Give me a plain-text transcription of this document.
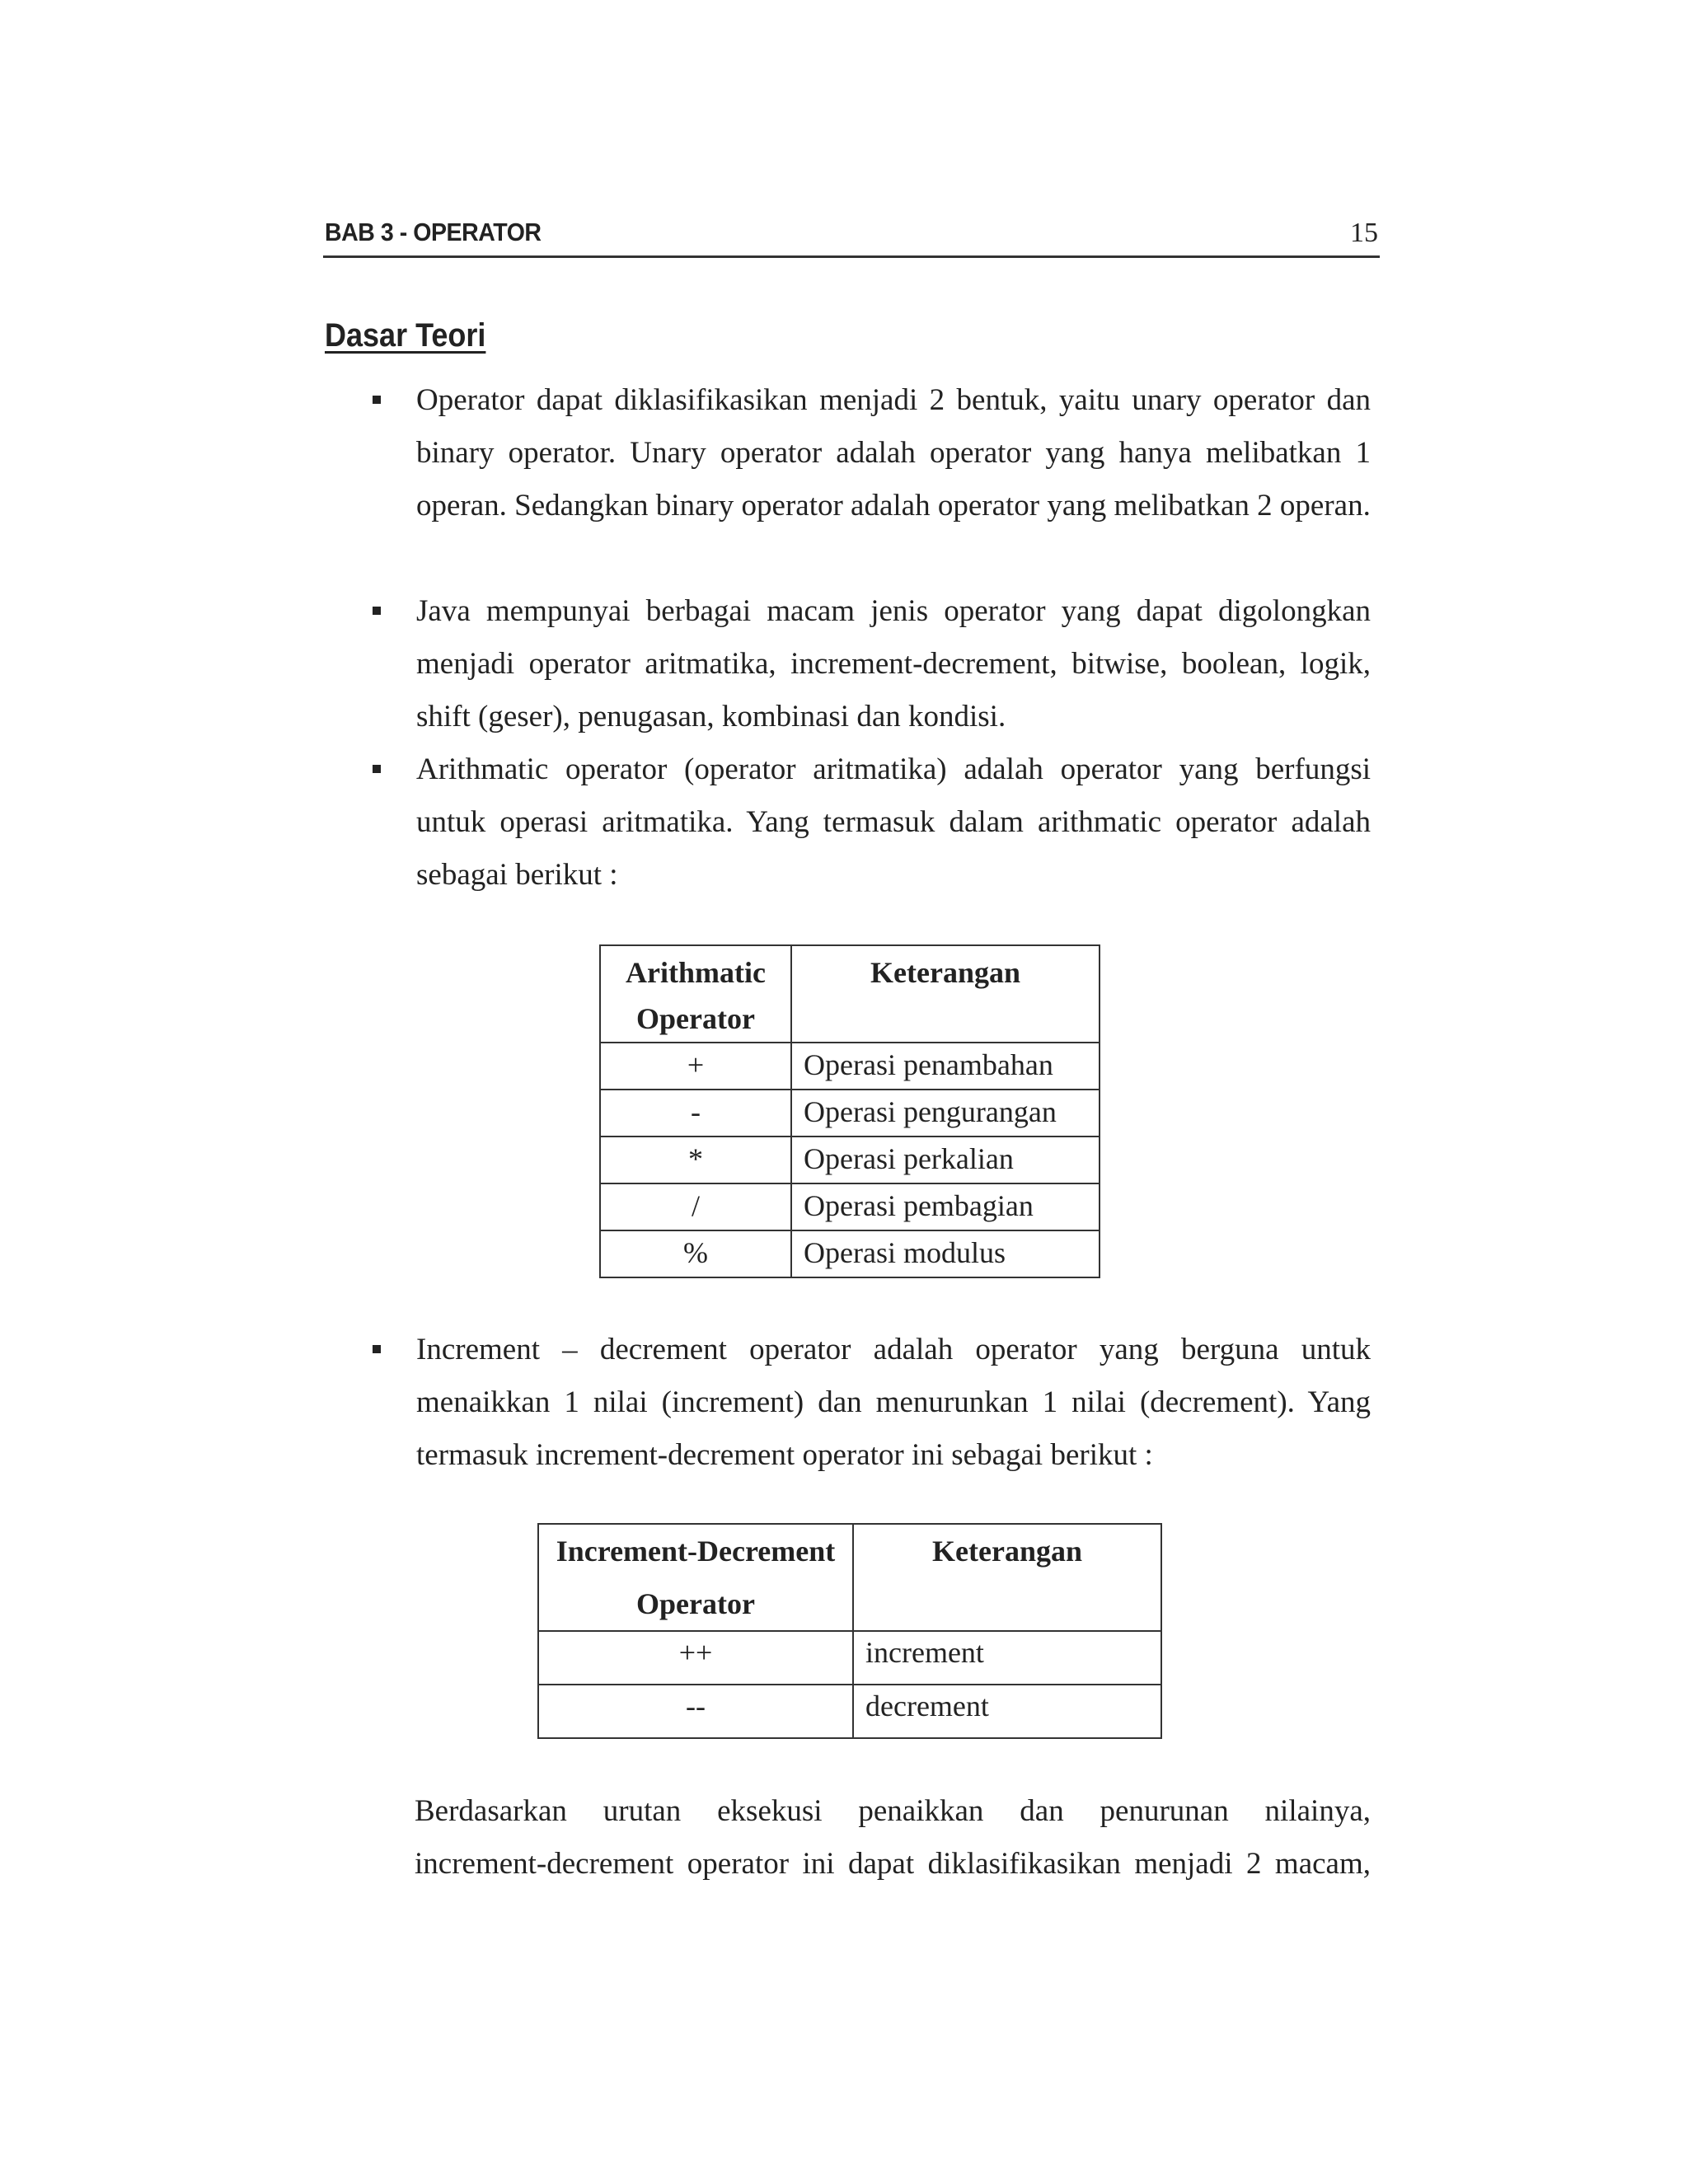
BAB 3 - OPERATOR	15
Dasar Teori
Operator dapat diklasifikasikan menjadi 2 bentuk, yaitu unary operator dan binary operator. Unary operator adalah operator yang hanya melibatkan 1 operan. Sedangkan binary operator adalah operator yang melibatkan 2 operan.
Java mempunyai berbagai macam jenis operator yang dapat digolongkan menjadi operator aritmatika, increment-decrement, bitwise, boolean, logik, shift (geser), penugasan, kombinasi dan kondisi.
Arithmatic operator (operator aritmatika) adalah operator yang berfungsi untuk operasi aritmatika. Yang termasuk dalam arithmatic operator adalah sebagai berikut :
Arithmatic
Operator	Keterangan
+	Operasi penambahan
-	Operasi pengurangan
*	Operasi perkalian
/	Operasi pembagian
%	Operasi modulus
Increment – decrement operator adalah operator yang berguna untuk menaikkan 1 nilai (increment) dan menurunkan 1 nilai (decrement). Yang termasuk increment-decrement operator ini sebagai berikut :
Increment-Decrement
Operator	Keterangan
++	increment
--	decrement
Berdasarkan urutan eksekusi penaikkan dan penurunan nilainya,
increment-decrement operator ini dapat diklasifikasikan menjadi 2 macam,
